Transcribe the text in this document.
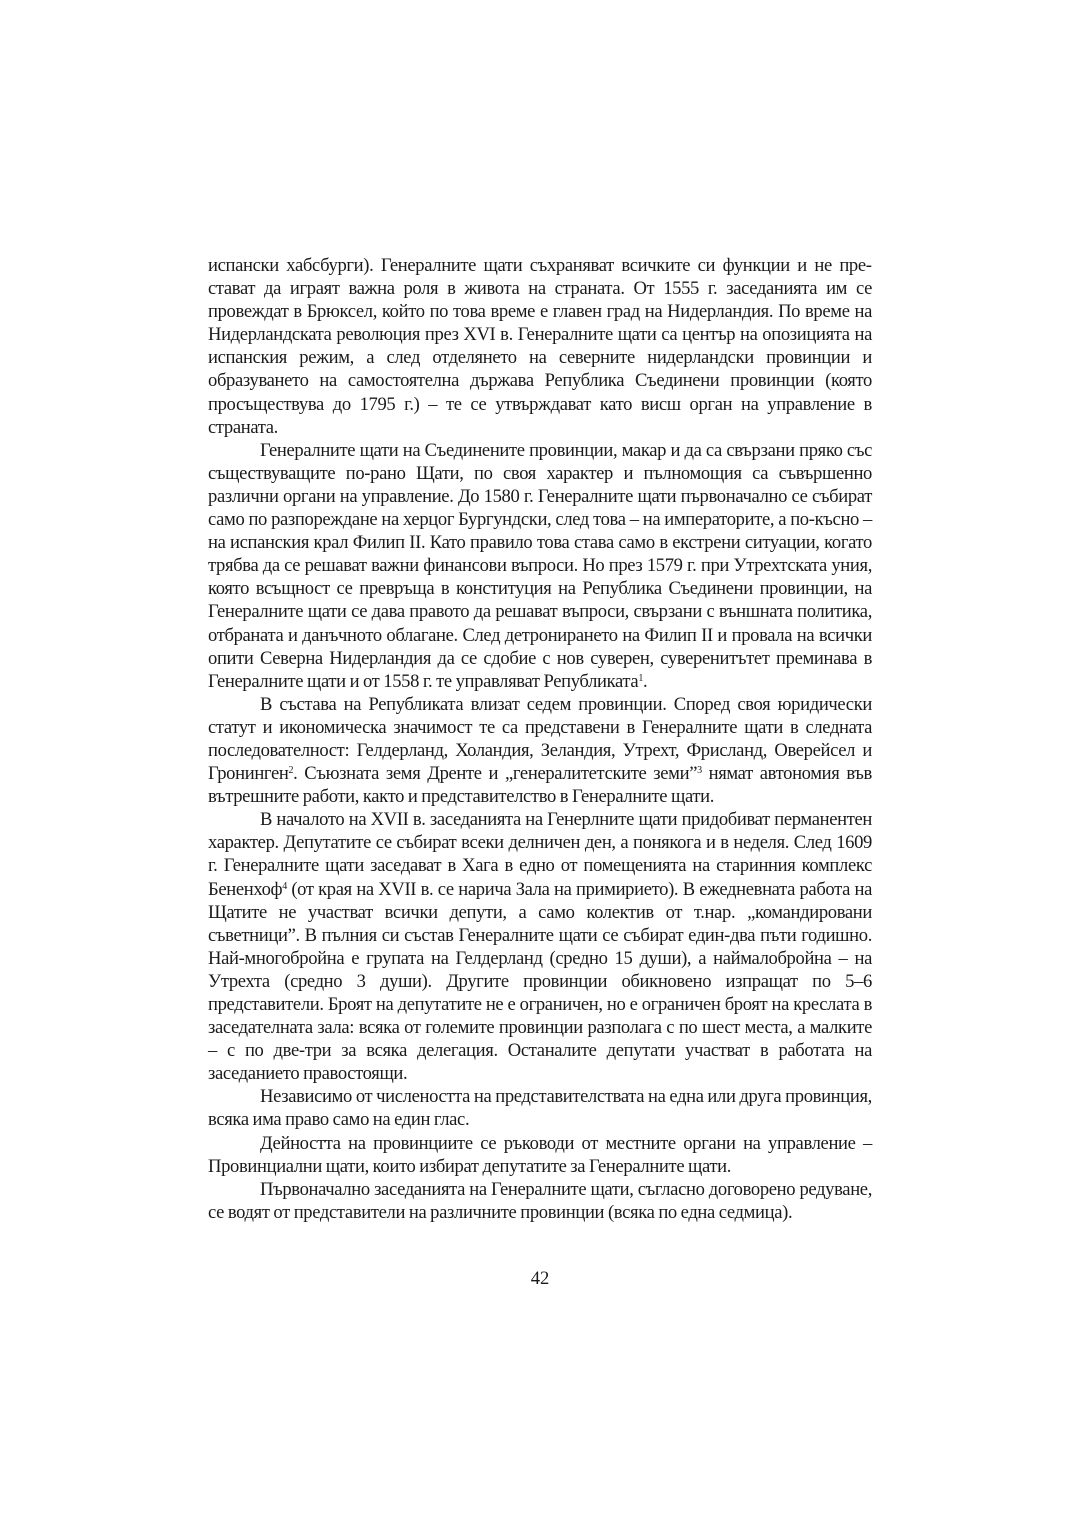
испански хабсбурги). Генералните щати съхраняват всичките си функции и не престават да играят важна роля в живота на страната. От 1555 г. заседанията им се провеждат в Брюксел, който по това време е главен град на Нидерландия. По време на Нидерландската революция през XVI в. Генералните щати са център на опозицията на испанския режим, а след отделянето на северните нидерландски провинции и образуването на самостоятелна държава Република Съединени провинции (която просъществува до 1795 г.) – те се утвърждават като висш орган на управление в страната.

Генералните щати на Съединените провинции, макар и да са свързани пряко със съществуващите по-рано Щати, по своя характер и пълномощия са съвършенно различни органи на управление. До 1580 г. Генералните щати първоначално се събират само по разпореждане на херцог Бургундски, след това – на императорите, а по-късно – на испанския крал Филип II. Като правило това става само в екстрени ситуации, когато трябва да се решават важни финансови въпроси. Но през 1579 г. при Утрехтската уния, която всъщност се превръща в конституция на Република Съединени провинции, на Генералните щати се дава правото да решават въпроси, свързани с външната политика, отбраната и данъчното облагане. След детронирането на Филип II и провала на всички опити Северна Нидерландия да се сдобие с нов суверен, суверенитътет преминава в Генералните щати и от 1558 г. те управляват Републиката$^1$.

В състава на Републиката влизат седем провинции. Според своя юридически статут и икономическа значимост те са представени в Генералните щати в следната последователност: Гелдерланд, Холандия, Зеландия, Утрехт, Фрисланд, Оверейсел и Гронинген$^2$. Съюзната земя Дренте и „генералитетските земи”$^3$ нямат автономия във вътрешните работи, както и представителство в Генералните щати.

В началото на XVII в. заседанията на Генерлните щати придобиват перманентен характер. Депутатите се събират всеки делничен ден, а понякога и в неделя. След 1609 г. Генералните щати заседават в Хага в едно от помещенията на старинния комплекс Бененхоф$^4$ (от края на XVII в. се нарича Зала на примирието). В ежедневната работа на Щатите не участват всички депути, а само колектив от т.нар. „командировани съветници”. В пълния си състав Генералните щати се събират един-два пъти годишно. Най-многобройна е групата на Гелдерланд (средно 15 души), а наймалобройна – на Утрехта (средно 3 души). Другите провинции обикновено изпращат по 5–6 представители. Броят на депутатите не е ограничен, но е ограничен броят на креслата в заседателната зала: всяка от големите провинции разполага с по шест места, а малките – с по две-три за всяка делегация. Останалите депутати участват в работата на заседанието правостоящи.

Независимо от числеността на представителствата на една или друга провинция, всяка има право само на един глас.

Дейността на провинциите се ръководи от местните органи на управление – Провинциални щати, които избират депутатите за Генералните щати.

Първоначално заседанията на Генералните щати, съгласно договорено редуване, се водят от представители на различните провинции (всяка по една седмица).

42
